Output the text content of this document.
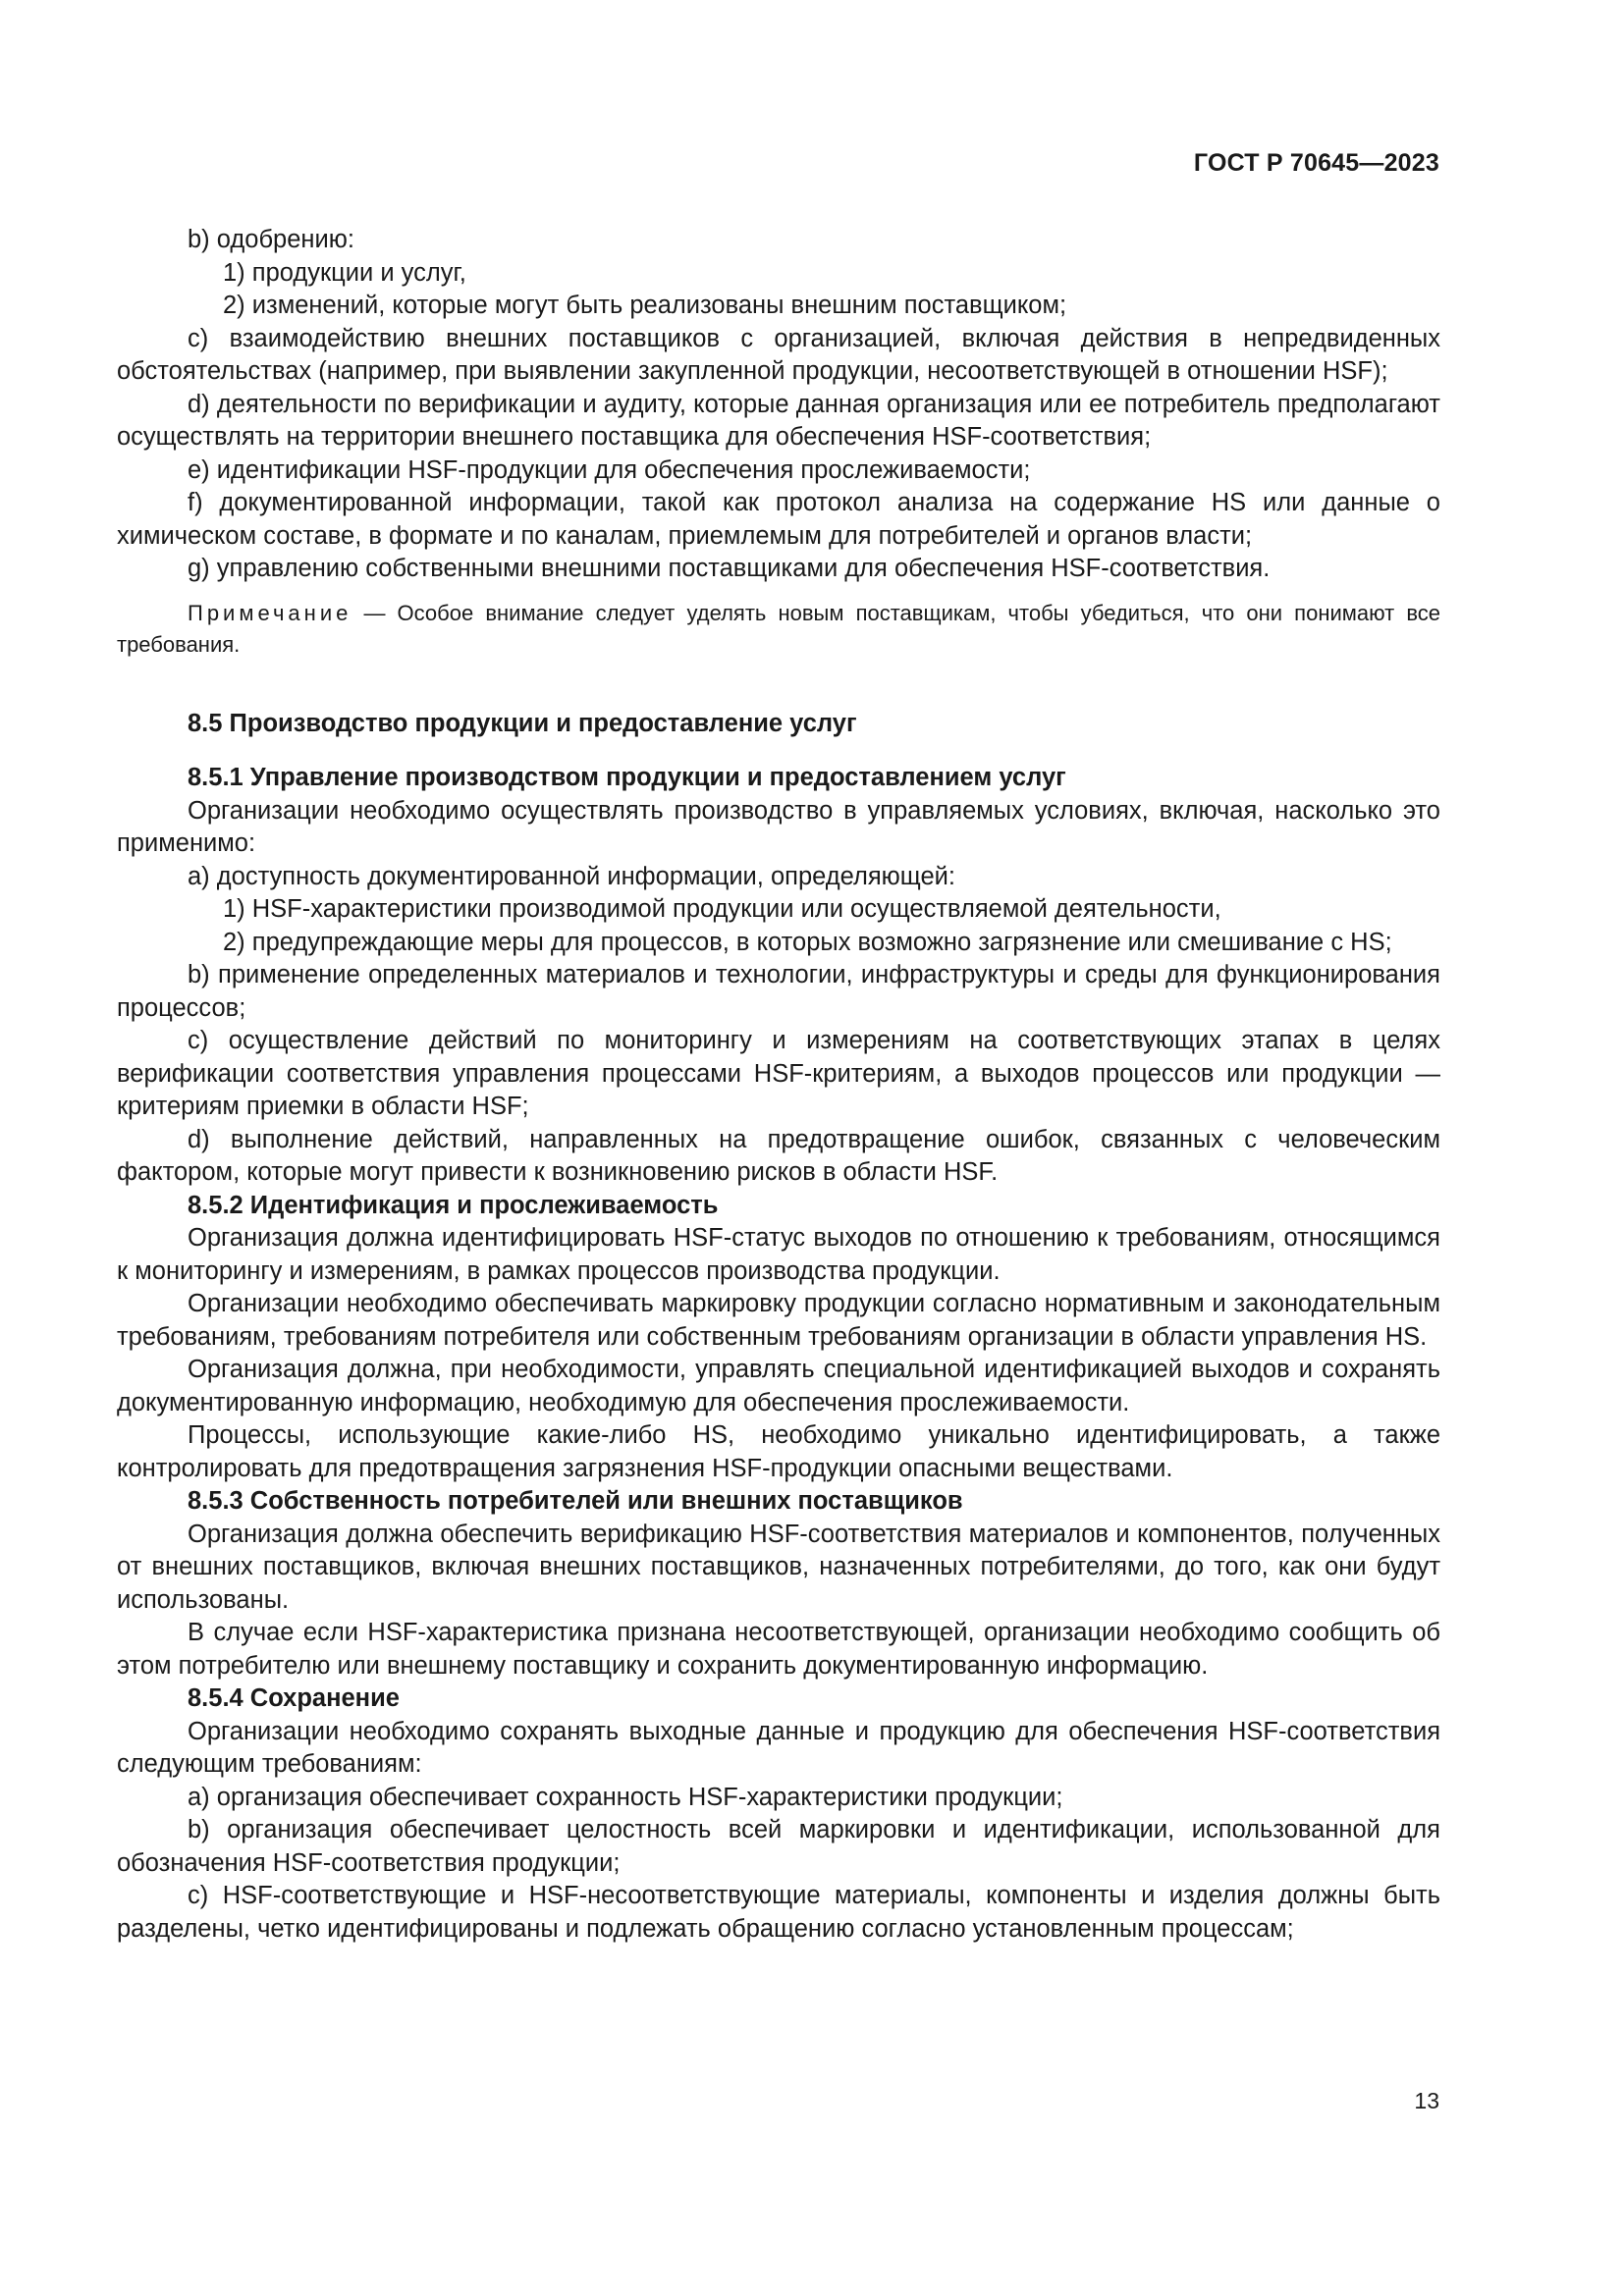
ГОСТ Р 70645—2023

b) одобрению:

1) продукции и услуг,

2) изменений, которые могут быть реализованы внешним поставщиком;

с) взаимодействию внешних поставщиков с организацией, включая действия в непредвиденных обстоятельствах (например, при выявлении закупленной продукции, несоответствующей в отношении HSF);

d) деятельности по верификации и аудиту, которые данная организация или ее потребитель предполагают осуществлять на территории внешнего поставщика для обеспечения HSF-соответствия;

e) идентификации HSF-продукции для обеспечения прослеживаемости;

f) документированной информации, такой как протокол анализа на содержание HS или данные о химическом составе, в формате и по каналам, приемлемым для потребителей и органов власти;

g) управлению собственными внешними поставщиками для обеспечения HSF-соответствия.

Примечание — Особое внимание следует уделять новым поставщикам, чтобы убедиться, что они понимают все требования.

8.5 Производство продукции и предоставление услуг

8.5.1 Управление производством продукции и предоставлением услуг

Организации необходимо осуществлять производство в управляемых условиях, включая, насколько это применимо:

a) доступность документированной информации, определяющей:

1) HSF-характеристики производимой продукции или осуществляемой деятельности,

2) предупреждающие меры для процессов, в которых возможно загрязнение или смешивание с HS;

b) применение определенных материалов и технологии, инфраструктуры и среды для функционирования процессов;

c) осуществление действий по мониторингу и измерениям на соответствующих этапах в целях верификации соответствия управления процессами HSF-критериям, а выходов процессов или продукции — критериям приемки в области HSF;

d) выполнение действий, направленных на предотвращение ошибок, связанных с человеческим фактором, которые могут привести к возникновению рисков в области HSF.

8.5.2 Идентификация и прослеживаемость

Организация должна идентифицировать HSF-статус выходов по отношению к требованиям, относящимся к мониторингу и измерениям, в рамках процессов производства продукции.

Организации необходимо обеспечивать маркировку продукции согласно нормативным и законодательным требованиям, требованиям потребителя или собственным требованиям организации в области управления HS.

Организация должна, при необходимости, управлять специальной идентификацией выходов и сохранять документированную информацию, необходимую для обеспечения прослеживаемости.

Процессы, использующие какие-либо HS, необходимо уникально идентифицировать, а также контролировать для предотвращения загрязнения HSF-продукции опасными веществами.

8.5.3 Собственность потребителей или внешних поставщиков

Организация должна обеспечить верификацию HSF-соответствия материалов и компонентов, полученных от внешних поставщиков, включая внешних поставщиков, назначенных потребителями, до того, как они будут использованы.

В случае если HSF-характеристика признана несоответствующей, организации необходимо сообщить об этом потребителю или внешнему поставщику и сохранить документированную информацию.

8.5.4 Сохранение

Организации необходимо сохранять выходные данные и продукцию для обеспечения HSF-соответствия следующим требованиям:

a) организация обеспечивает сохранность HSF-характеристики продукции;

b) организация обеспечивает целостность всей маркировки и идентификации, использованной для обозначения HSF-соответствия продукции;

c) HSF-соответствующие и HSF-несоответствующие материалы, компоненты и изделия должны быть разделены, четко идентифицированы и подлежать обращению согласно установленным процессам;

13
